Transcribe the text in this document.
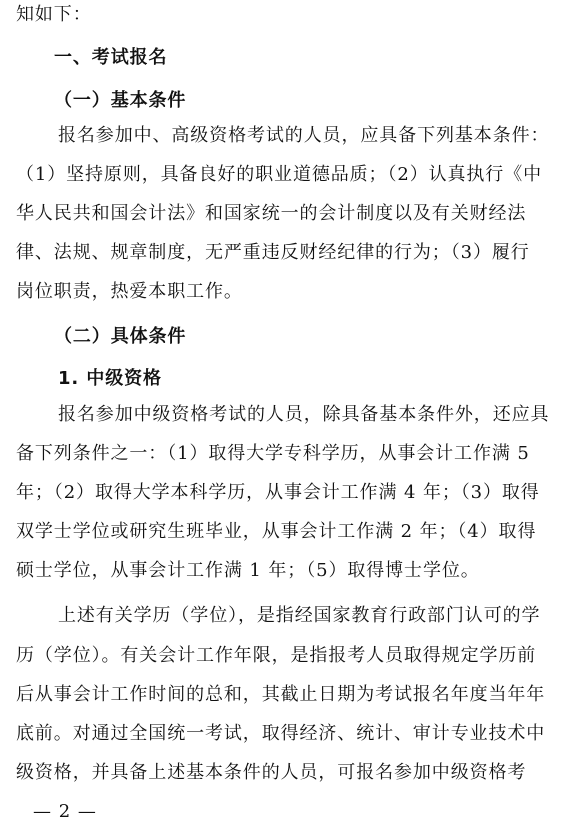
知如下：
一、考试报名
（一）基本条件
报名参加中、高级资格考试的人员，应具备下列基本条件：
（1）坚持原则，具备良好的职业道德品质；（2）认真执行《中
华人民共和国会计法》和国家统一的会计制度以及有关财经法
律、法规、规章制度，无严重违反财经纪律的行为；（3）履行
岗位职责，热爱本职工作。
（二）具体条件
1. 中级资格
报名参加中级资格考试的人员，除具备基本条件外，还应具
备下列条件之一：（1）取得大学专科学历，从事会计工作满 5
年；（2）取得大学本科学历，从事会计工作满 4 年；（3）取得
双学士学位或研究生班毕业，从事会计工作满 2 年；（4）取得
硕士学位，从事会计工作满 1 年；（5）取得博士学位。
上述有关学历（学位），是指经国家教育行政部门认可的学
历（学位）。有关会计工作年限，是指报考人员取得规定学历前
后从事会计工作时间的总和，其截止日期为考试报名年度当年年
底前。对通过全国统一考试，取得经济、统计、审计专业技术中
级资格，并具备上述基本条件的人员，可报名参加中级资格考
— 2 —
